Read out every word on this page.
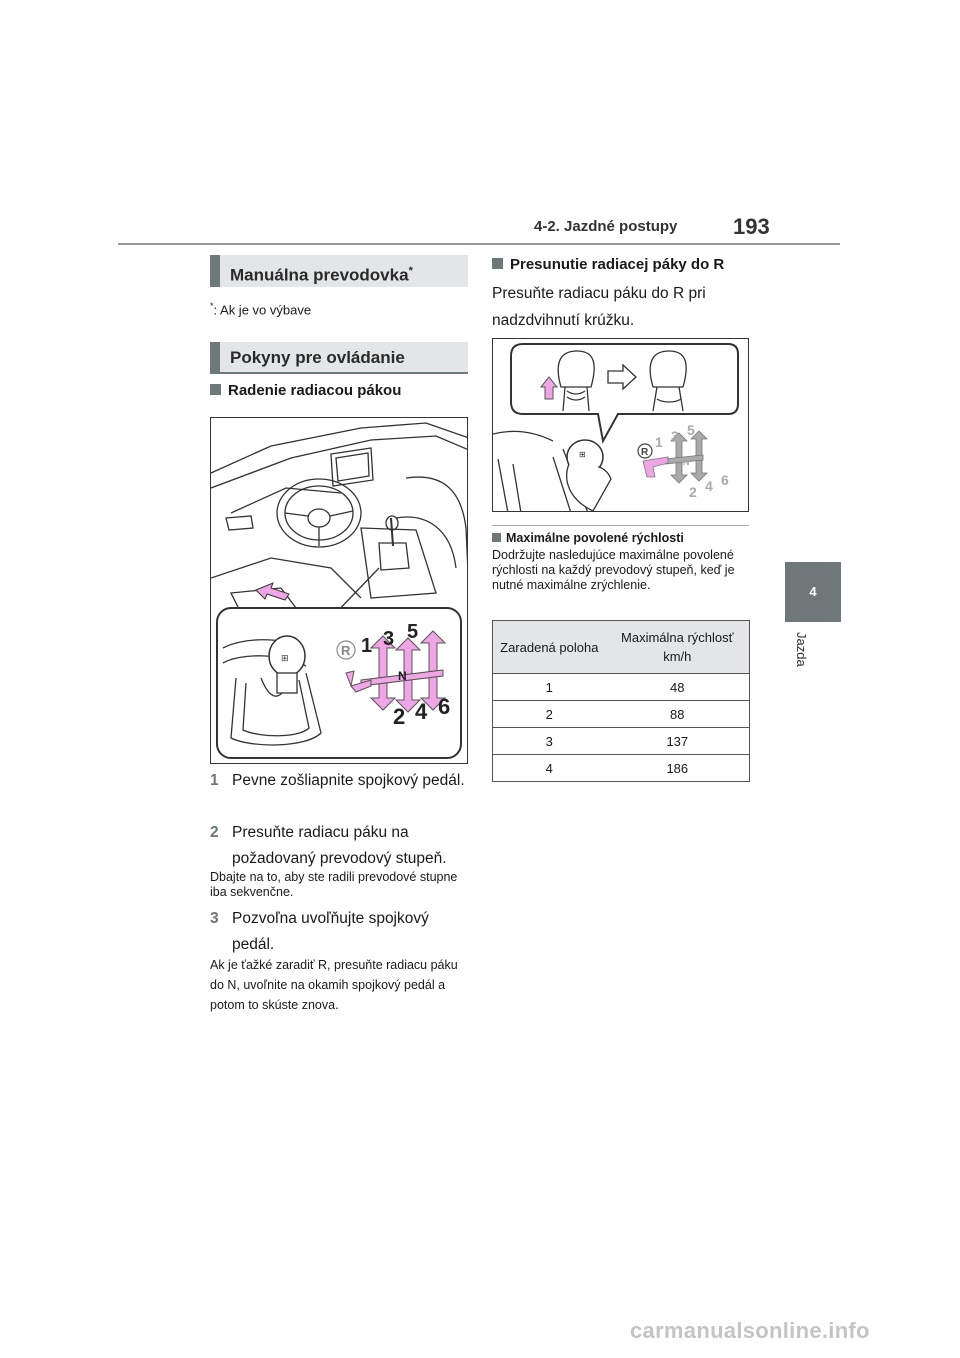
4-2. Jazdné postupy	193
4
Jazda
Manuálna prevodovka*
*: Ak je vo výbave
Pokyny pre ovládanie
Radenie radiacou pákou
⊞	R 1 3 5
N
2 4 6
1 Pevne zošliapnite spojkový pedál.
2 Presuňte radiacu páku na požadovaný prevodový stupeň.
Dbajte na to, aby ste radili prevodové stupne iba sekvenčne.
3 Pozvoľna uvoľňujte spojkový pedál.
Ak je ťažké zaradiť R, presuňte radiacu páku do N, uvoľnite na okamih spojkový pedál a potom to skúste znova.
Presunutie radiacej páky do R
Presuňte radiacu páku do R pri nadzdvihnutí krúžku.
⊞	R
1 3 5
N
2 4 6
Maximálne povolené rýchlosti
Dodržujte nasledujúce maximálne povolené rýchlosti na každý prevodový stupeň, keď je nutné maximálne zrýchlenie.
Zaradená poloha	Maximálna rýchlosť km/h
1	48
2	88
3	137
4	186
carmanualsonline.info
